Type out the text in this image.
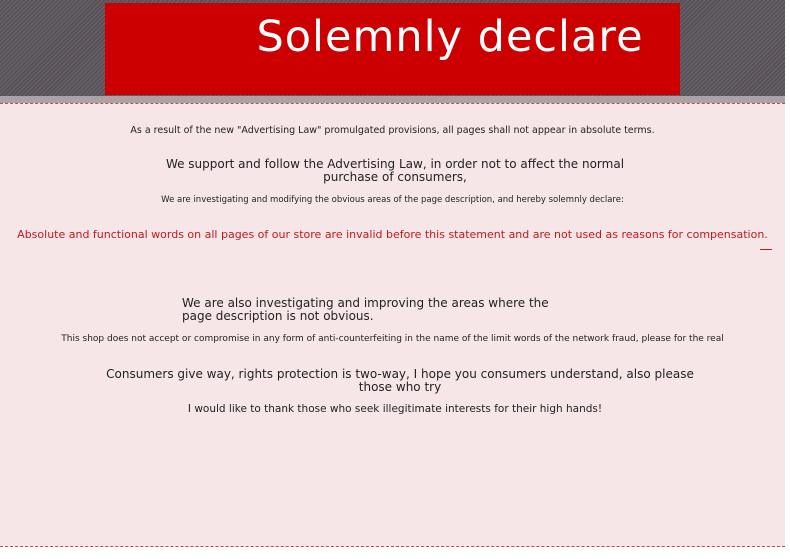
Solemnly declare
As a result of the new "Advertising Law" promulgated provisions, all pages shall not appear in absolute terms.
We support and follow the Advertising Law, in order not to affect the normal purchase of consumers,
We are investigating and modifying the obvious areas of the page description, and hereby solemnly declare:
Absolute and functional words on all pages of our store are invalid before this statement and are not used as reasons for compensation.
We are also investigating and improving the areas where the page description is not obvious.
This shop does not accept or compromise in any form of anti-counterfeiting in the name of the limit words of the network fraud, please for the real
Consumers give way, rights protection is two-way, I hope you consumers understand, also please those who try
I would like to thank those who seek illegitimate interests for their high hands!
